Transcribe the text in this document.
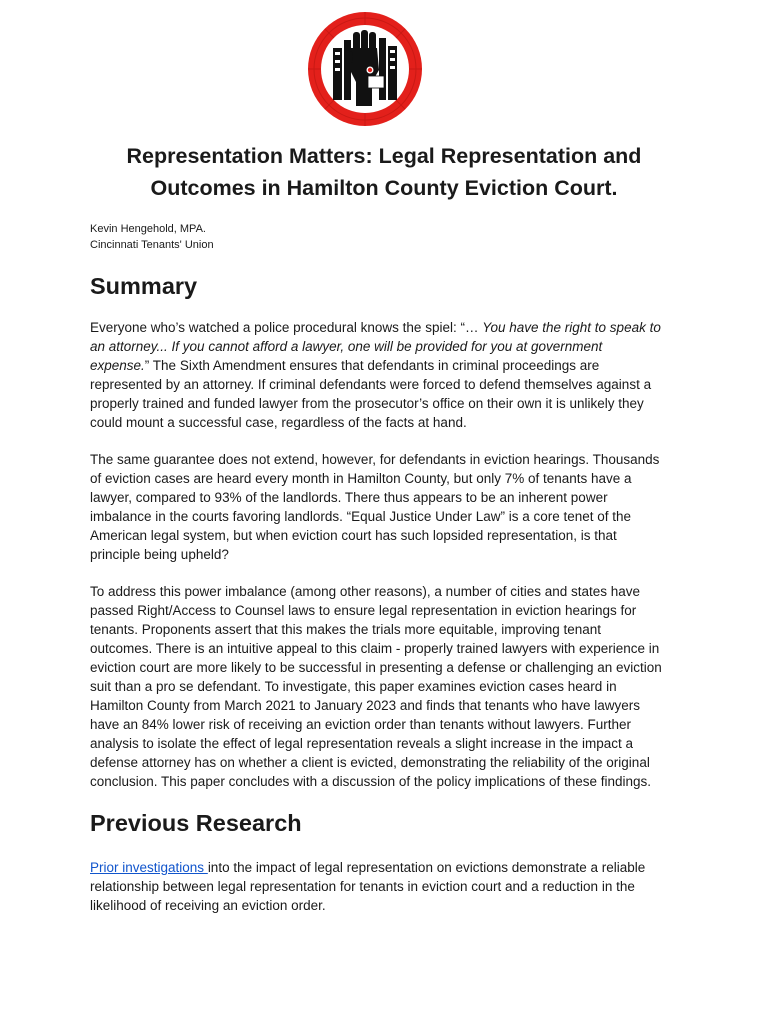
Representation Matters: Legal Representation and
Outcomes in Hamilton County Eviction Court.
Kevin Hengehold, MPA.
Cincinnati Tenants' Union
Summary
Everyone who’s watched a police procedural knows the spiel: “… You have the right to speak to
an attorney... If you cannot afford a lawyer, one will be provided for you at government
expense.” The Sixth Amendment ensures that defendants in criminal proceedings are
represented by an attorney. If criminal defendants were forced to defend themselves against a
properly trained and funded lawyer from the prosecutor’s office on their own it is unlikely they
could mount a successful case, regardless of the facts at hand.
The same guarantee does not extend, however, for defendants in eviction hearings. Thousands
of eviction cases are heard every month in Hamilton County, but only 7% of tenants have a
lawyer, compared to 93% of the landlords. There thus appears to be an inherent power
imbalance in the courts favoring landlords. “Equal Justice Under Law” is a core tenet of the
American legal system, but when eviction court has such lopsided representation, is that
principle being upheld?
To address this power imbalance (among other reasons), a number of cities and states have
passed Right/Access to Counsel laws to ensure legal representation in eviction hearings for
tenants. Proponents assert that this makes the trials more equitable, improving tenant
outcomes. There is an intuitive appeal to this claim - properly trained lawyers with experience in
eviction court are more likely to be successful in presenting a defense or challenging an eviction
suit than a pro se defendant. To investigate, this paper examines eviction cases heard in
Hamilton County from March 2021 to January 2023 and finds that tenants who have lawyers
have an 84% lower risk of receiving an eviction order than tenants without lawyers. Further
analysis to isolate the effect of legal representation reveals a slight increase in the impact a
defense attorney has on whether a client is evicted, demonstrating the reliability of the original
conclusion. This paper concludes with a discussion of the policy implications of these findings.
Previous Research
Prior investigations into the impact of legal representation on evictions demonstrate a reliable
relationship between legal representation for tenants in eviction court and a reduction in the
likelihood of receiving an eviction order.
